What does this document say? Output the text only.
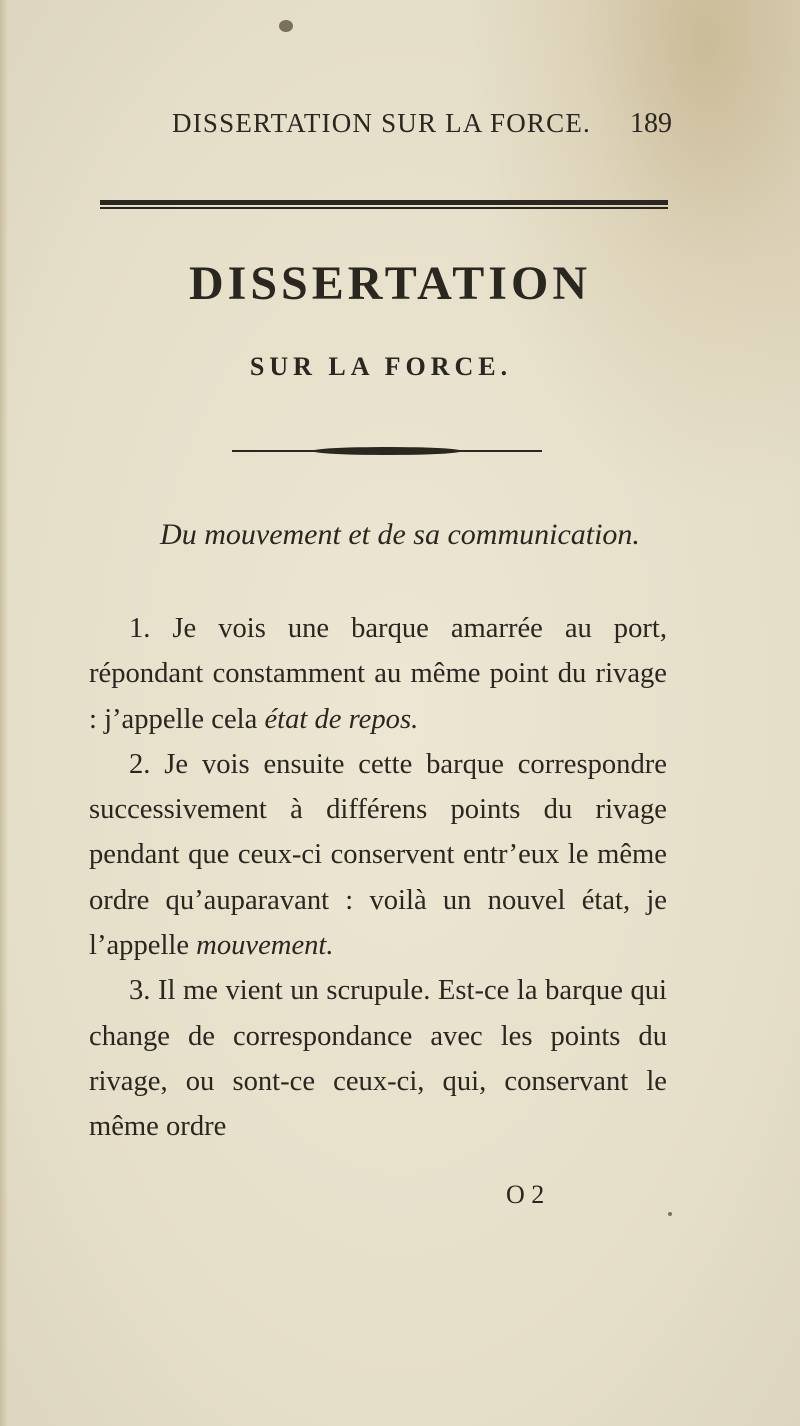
DISSERTATION SUR LA FORCE. 189
DISSERTATION
SUR LA FORCE.
Du mouvement et de sa communication.

1. Je vois une barque amarrée au port, répondant constamment au même point du rivage : j’appelle cela état de repos.

2. Je vois ensuite cette barque correspondre successivement à différens points du rivage pendant que ceux-ci conservent entr’eux le même ordre qu’auparavant : voilà un nouvel état, je l’appelle mouvement.

3. Il me vient un scrupule. Est-ce la barque qui change de correspondance avec les points du rivage, ou sont-ce ceux-ci, qui, conservant le même ordre

O 2
